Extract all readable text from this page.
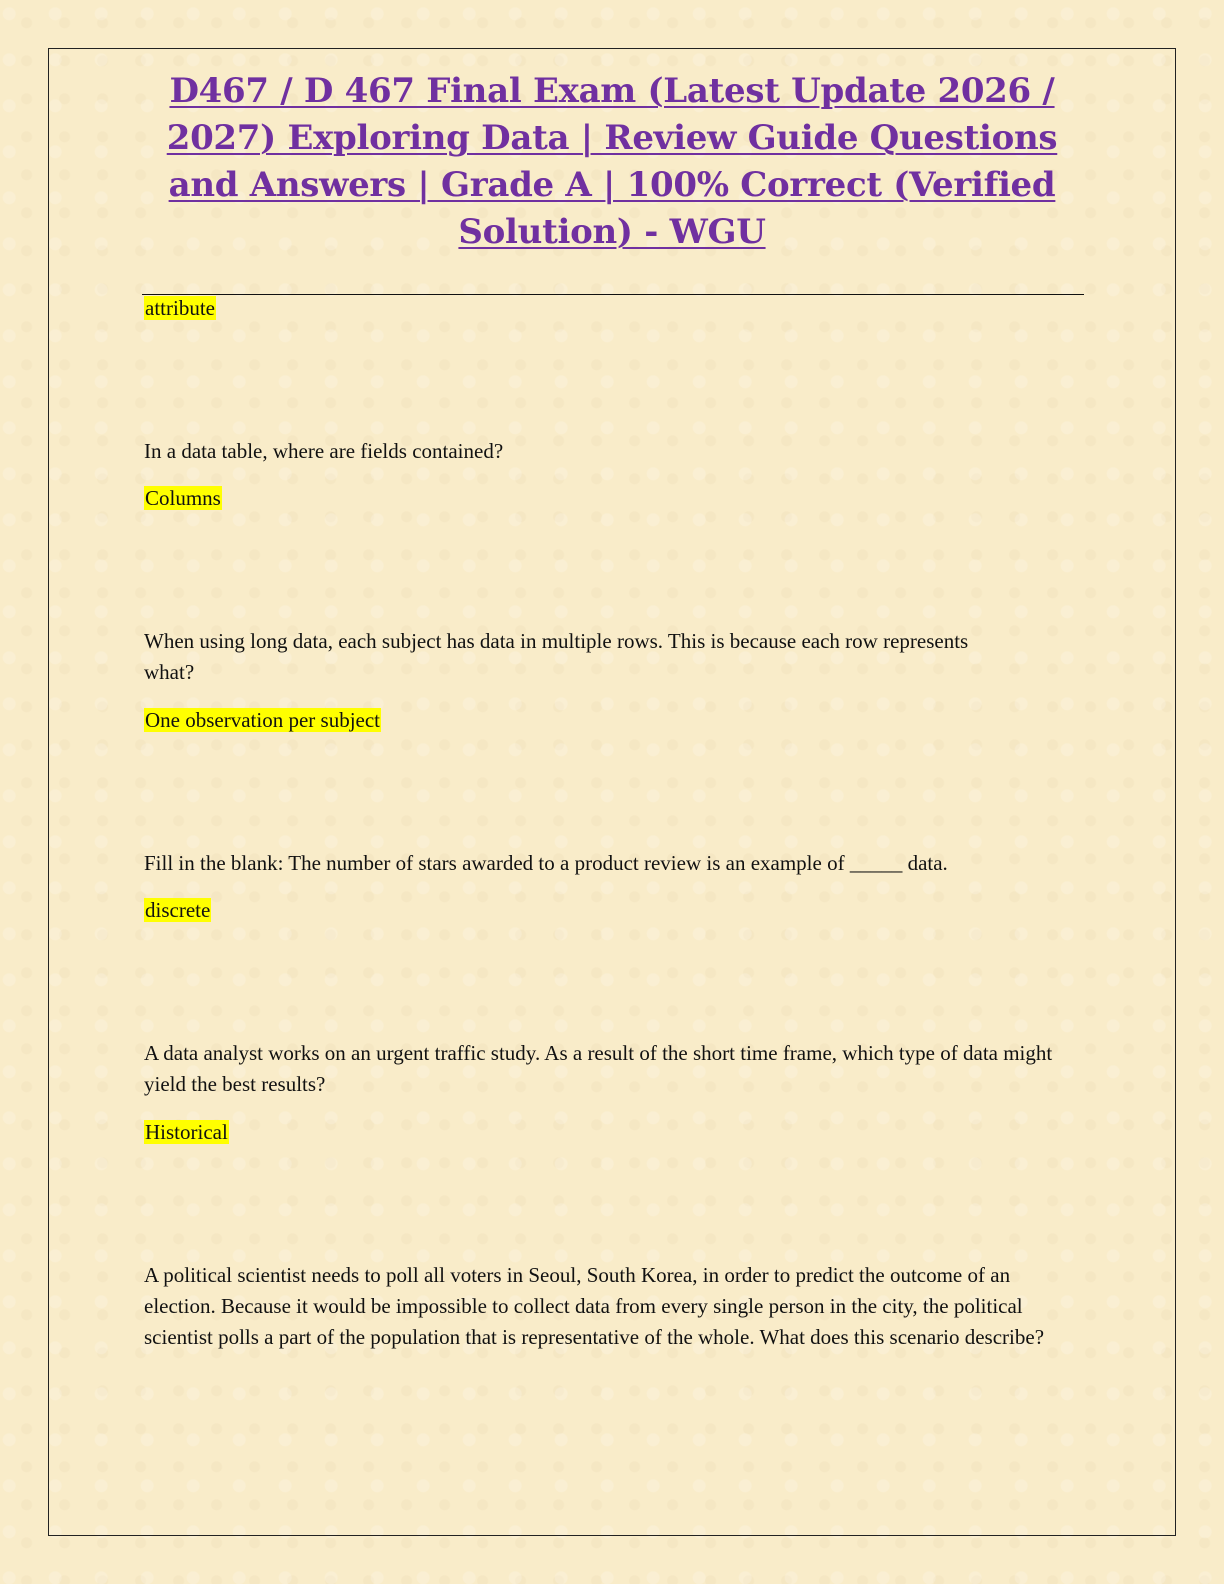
D467 / D 467 Final Exam (Latest Update 2026 / 2027) Exploring Data | Review Guide Questions and Answers | Grade A | 100% Correct (Verified Solution) - WGU
attribute
In a data table, where are fields contained?
Columns
When using long data, each subject has data in multiple rows. This is because each row represents what?
One observation per subject
Fill in the blank: The number of stars awarded to a product review is an example of _____ data.
discrete
A data analyst works on an urgent traffic study. As a result of the short time frame, which type of data might yield the best results?
Historical
A political scientist needs to poll all voters in Seoul, South Korea, in order to predict the outcome of an election. Because it would be impossible to collect data from every single person in the city, the political scientist polls a part of the population that is representative of the whole. What does this scenario describe?
